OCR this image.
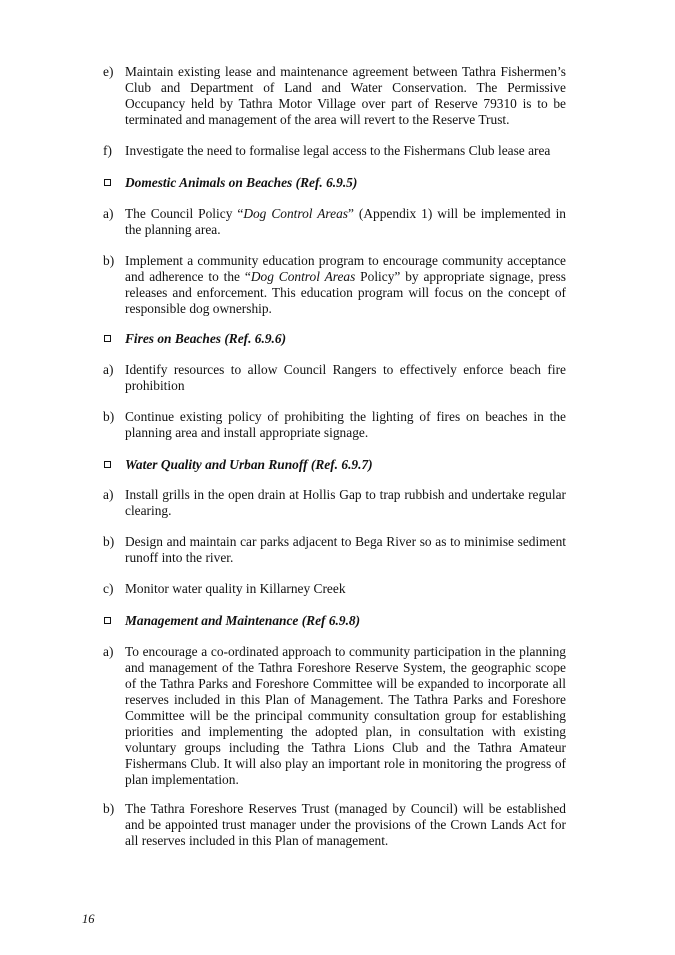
e) Maintain existing lease and maintenance agreement between Tathra Fishermen’s Club and Department of Land and Water Conservation. The Permissive Occupancy held by Tathra Motor Village over part of Reserve 79310 is to be terminated and management of the area will revert to the Reserve Trust.
f) Investigate the need to formalise legal access to the Fishermans Club lease area
Domestic Animals on Beaches (Ref. 6.9.5)
a) The Council Policy “Dog Control Areas” (Appendix 1) will be implemented in the planning area.
b) Implement a community education program to encourage community acceptance and adherence to the “Dog Control Areas Policy” by appropriate signage, press releases and enforcement. This education program will focus on the concept of responsible dog ownership.
Fires on Beaches (Ref. 6.9.6)
a) Identify resources to allow Council Rangers to effectively enforce beach fire prohibition
b) Continue existing policy of prohibiting the lighting of fires on beaches in the planning area and install appropriate signage.
Water Quality and Urban Runoff (Ref. 6.9.7)
a) Install grills in the open drain at Hollis Gap to trap rubbish and undertake regular clearing.
b) Design and maintain car parks adjacent to Bega River so as to minimise sediment runoff into the river.
c) Monitor water quality in Killarney Creek
Management and Maintenance (Ref 6.9.8)
a) To encourage a co-ordinated approach to community participation in the planning and management of the Tathra Foreshore Reserve System, the geographic scope of the Tathra Parks and Foreshore Committee will be expanded to incorporate all reserves included in this Plan of Management. The Tathra Parks and Foreshore Committee will be the principal community consultation group for establishing priorities and implementing the adopted plan, in consultation with existing voluntary groups including the Tathra Lions Club and the Tathra Amateur Fishermans Club. It will also play an important role in monitoring the progress of plan implementation.
b) The Tathra Foreshore Reserves Trust (managed by Council) will be established and be appointed trust manager under the provisions of the Crown Lands Act for all reserves included in this Plan of management.
16
